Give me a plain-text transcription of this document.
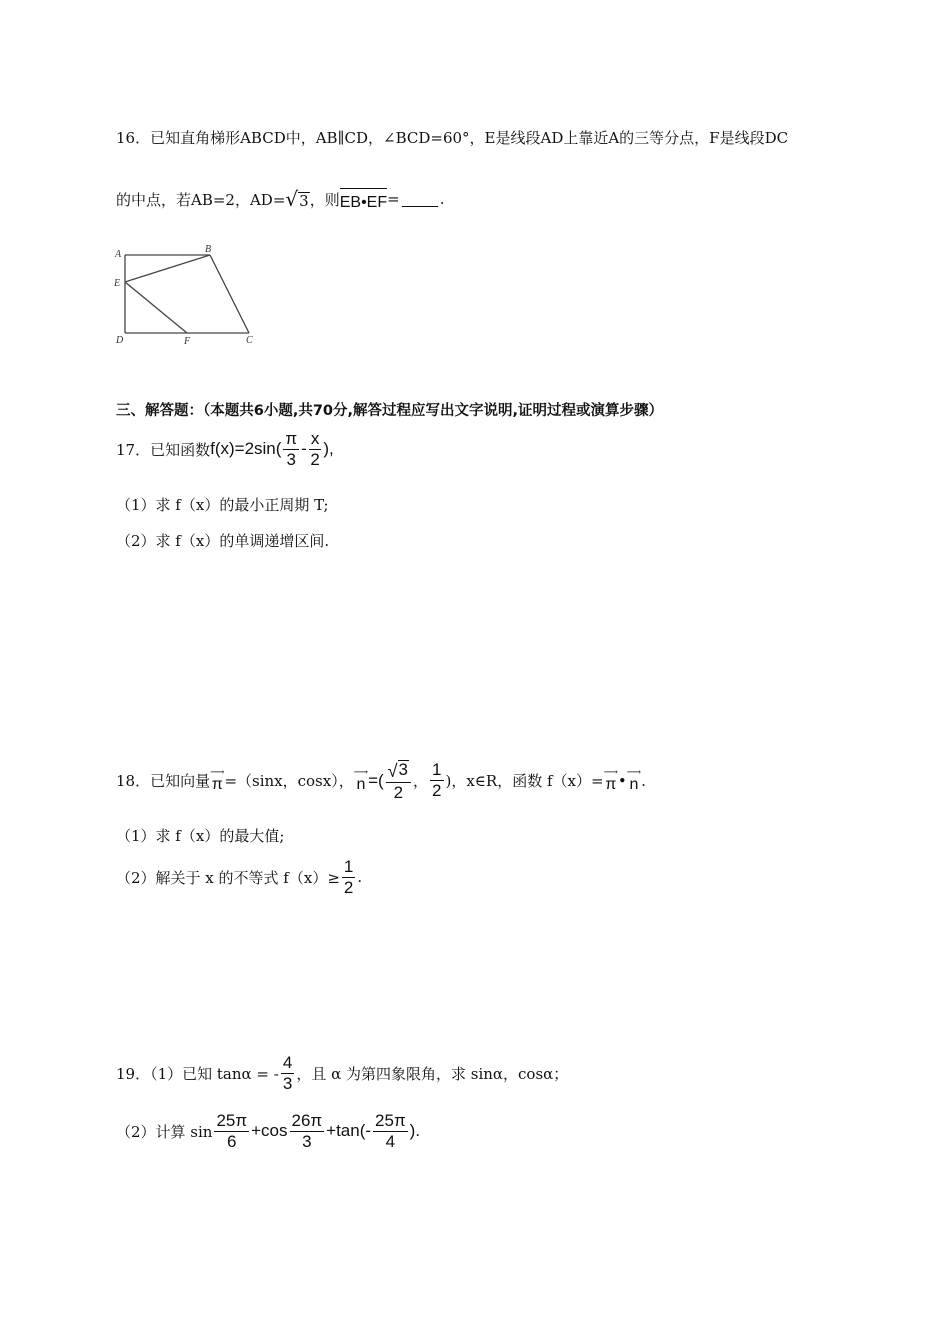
16．已知直角梯形ABCD中，AB∥CD，∠BCD=60°，E是线段AD上靠近A的三等分点，F是线段DC
的中点，若AB=2，AD= √ 3 ，则 EB•EF =	.
A	B
E
D	F	C
三、解答题：（本题共6小题,共70分,解答过程应写出文字说明,证明过程或演算步骤）
17．已知函数 $f(x)=2\sin( \frac{\pi}{3} - \frac{x}{2}$ ),
（1）求 f（x）的最小正周期 T;
（2）求 f（x）的单调递增区间.
18．已知向量 ⟶
π =（sinx，cosx）， ⟶
n =( $\frac{√ 3}{2}$ ， $\frac{1}{2}$ )，x∈R，函数 f（x）= ⟶
π • ⟶
n .
（1）求 f（x）的最大值;
（2）解关于 x 的不等式 $f(x)\ge \frac{1}{2}$ .
19．（1）已知 tanα = - $\frac{4}{3}$ ，且 α 为第四象限角，求 sinα，cosα；
（2）计算 $\sin \frac{25\pi}{6} +\cos \frac{26\pi}{3} +\tan(- \frac{25\pi}{4}$ ).
